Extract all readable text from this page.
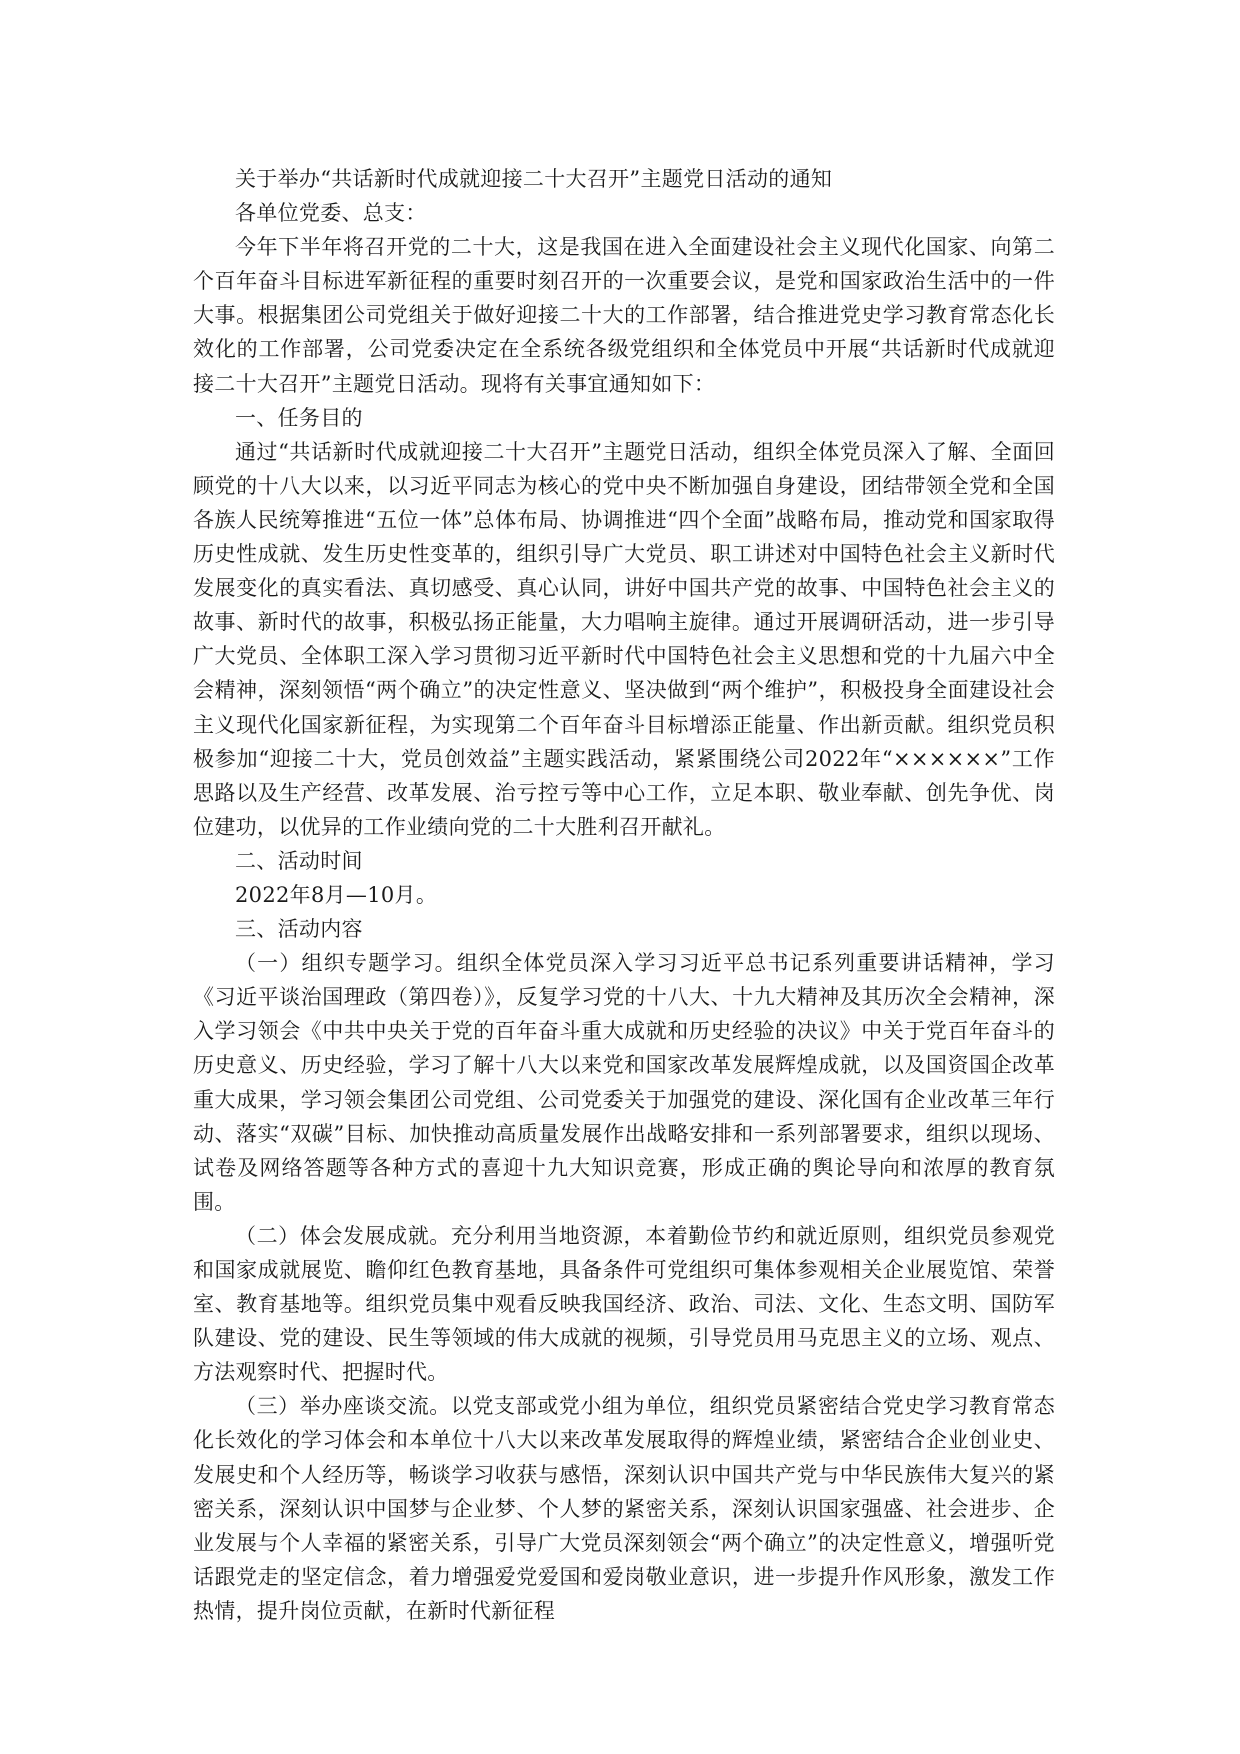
关于举办“共话新时代成就迎接二十大召开”主题党日活动的通知

各单位党委、总支：

今年下半年将召开党的二十大，这是我国在进入全面建设社会主义现代化国家、向第二个百年奋斗目标进军新征程的重要时刻召开的一次重要会议，是党和国家政治生活中的一件大事。根据集团公司党组关于做好迎接二十大的工作部署，结合推进党史学习教育常态化长效化的工作部署，公司党委决定在全系统各级党组织和全体党员中开展“共话新时代成就迎接二十大召开”主题党日活动。现将有关事宜通知如下：

一、任务目的

通过“共话新时代成就迎接二十大召开”主题党日活动，组织全体党员深入了解、全面回顾党的十八大以来，以习近平同志为核心的党中央不断加强自身建设，团结带领全党和全国各族人民统筹推进“五位一体”总体布局、协调推进“四个全面”战略布局，推动党和国家取得历史性成就、发生历史性变革的，组织引导广大党员、职工讲述对中国特色社会主义新时代发展变化的真实看法、真切感受、真心认同，讲好中国共产党的故事、中国特色社会主义的故事、新时代的故事，积极弘扬正能量，大力唱响主旋律。通过开展调研活动，进一步引导广大党员、全体职工深入学习贯彻习近平新时代中国特色社会主义思想和党的十九届六中全会精神，深刻领悟“两个确立”的决定性意义、坚决做到“两个维护”，积极投身全面建设社会主义现代化国家新征程，为实现第二个百年奋斗目标增添正能量、作出新贡献。组织党员积极参加“迎接二十大，党员创效益”主题实践活动，紧紧围绕公司2022年“××××××”工作思路以及生产经营、改革发展、治亏控亏等中心工作，立足本职、敬业奉献、创先争优、岗位建功，以优异的工作业绩向党的二十大胜利召开献礼。

二、活动时间

2022年8月—10月。

三、活动内容

（一）组织专题学习。组织全体党员深入学习习近平总书记系列重要讲话精神，学习《习近平谈治国理政（第四卷）》，反复学习党的十八大、十九大精神及其历次全会精神，深入学习领会《中共中央关于党的百年奋斗重大成就和历史经验的决议》中关于党百年奋斗的历史意义、历史经验，学习了解十八大以来党和国家改革发展辉煌成就，以及国资国企改革重大成果，学习领会集团公司党组、公司党委关于加强党的建设、深化国有企业改革三年行动、落实“双碳”目标、加快推动高质量发展作出战略安排和一系列部署要求，组织以现场、试卷及网络答题等各种方式的喜迎十九大知识竞赛，形成正确的舆论导向和浓厚的教育氛围。

（二）体会发展成就。充分利用当地资源，本着勤俭节约和就近原则，组织党员参观党和国家成就展览、瞻仰红色教育基地，具备条件可党组织可集体参观相关企业展览馆、荣誉室、教育基地等。组织党员集中观看反映我国经济、政治、司法、文化、生态文明、国防军队建设、党的建设、民生等领域的伟大成就的视频，引导党员用马克思主义的立场、观点、方法观察时代、把握时代。

（三）举办座谈交流。以党支部或党小组为单位，组织党员紧密结合党史学习教育常态化长效化的学习体会和本单位十八大以来改革发展取得的辉煌业绩，紧密结合企业创业史、发展史和个人经历等，畅谈学习收获与感悟，深刻认识中国共产党与中华民族伟大复兴的紧密关系，深刻认识中国梦与企业梦、个人梦的紧密关系，深刻认识国家强盛、社会进步、企业发展与个人幸福的紧密关系，引导广大党员深刻领会“两个确立”的决定性意义，增强听党话跟党走的坚定信念，着力增强爱党爱国和爱岗敬业意识，进一步提升作风形象，激发工作热情，提升岗位贡献，在新时代新征程
